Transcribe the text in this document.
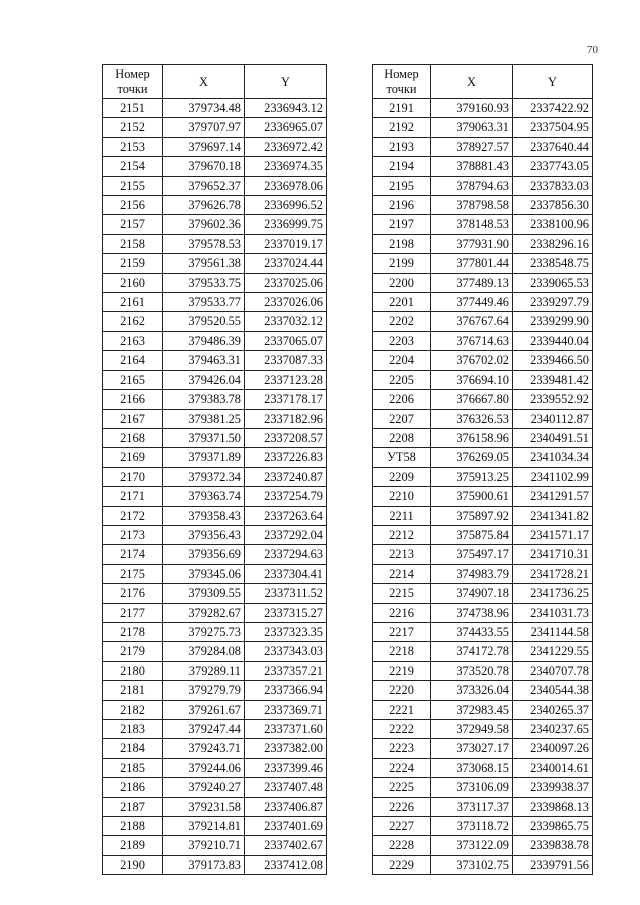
70
Номер
точки	X	Y
2151	379734.48	2336943.12
2152	379707.97	2336965.07
2153	379697.14	2336972.42
2154	379670.18	2336974.35
2155	379652.37	2336978.06
2156	379626.78	2336996.52
2157	379602.36	2336999.75
2158	379578.53	2337019.17
2159	379561.38	2337024.44
2160	379533.75	2337025.06
2161	379533.77	2337026.06
2162	379520.55	2337032.12
2163	379486.39	2337065.07
2164	379463.31	2337087.33
2165	379426.04	2337123.28
2166	379383.78	2337178.17
2167	379381.25	2337182.96
2168	379371.50	2337208.57
2169	379371.89	2337226.83
2170	379372.34	2337240.87
2171	379363.74	2337254.79
2172	379358.43	2337263.64
2173	379356.43	2337292.04
2174	379356.69	2337294.63
2175	379345.06	2337304.41
2176	379309.55	2337311.52
2177	379282.67	2337315.27
2178	379275.73	2337323.35
2179	379284.08	2337343.03
2180	379289.11	2337357.21
2181	379279.79	2337366.94
2182	379261.67	2337369.71
2183	379247.44	2337371.60
2184	379243.71	2337382.00
2185	379244.06	2337399.46
2186	379240.27	2337407.48
2187	379231.58	2337406.87
2188	379214.81	2337401.69
2189	379210.71	2337402.67
2190	379173.83	2337412.08
Номер
точки	X	Y
2191	379160.93	2337422.92
2192	379063.31	2337504.95
2193	378927.57	2337640.44
2194	378881.43	2337743.05
2195	378794.63	2337833.03
2196	378798.58	2337856.30
2197	378148.53	2338100.96
2198	377931.90	2338296.16
2199	377801.44	2338548.75
2200	377489.13	2339065.53
2201	377449.46	2339297.79
2202	376767.64	2339299.90
2203	376714.63	2339440.04
2204	376702.02	2339466.50
2205	376694.10	2339481.42
2206	376667.80	2339552.92
2207	376326.53	2340112.87
2208	376158.96	2340491.51
УТ58	376269.05	2341034.34
2209	375913.25	2341102.99
2210	375900.61	2341291.57
2211	375897.92	2341341.82
2212	375875.84	2341571.17
2213	375497.17	2341710.31
2214	374983.79	2341728.21
2215	374907.18	2341736.25
2216	374738.96	2341031.73
2217	374433.55	2341144.58
2218	374172.78	2341229.55
2219	373520.78	2340707.78
2220	373326.04	2340544.38
2221	372983.45	2340265.37
2222	372949.58	2340237.65
2223	373027.17	2340097.26
2224	373068.15	2340014.61
2225	373106.09	2339938.37
2226	373117.37	2339868.13
2227	373118.72	2339865.75
2228	373122.09	2339838.78
2229	373102.75	2339791.56
